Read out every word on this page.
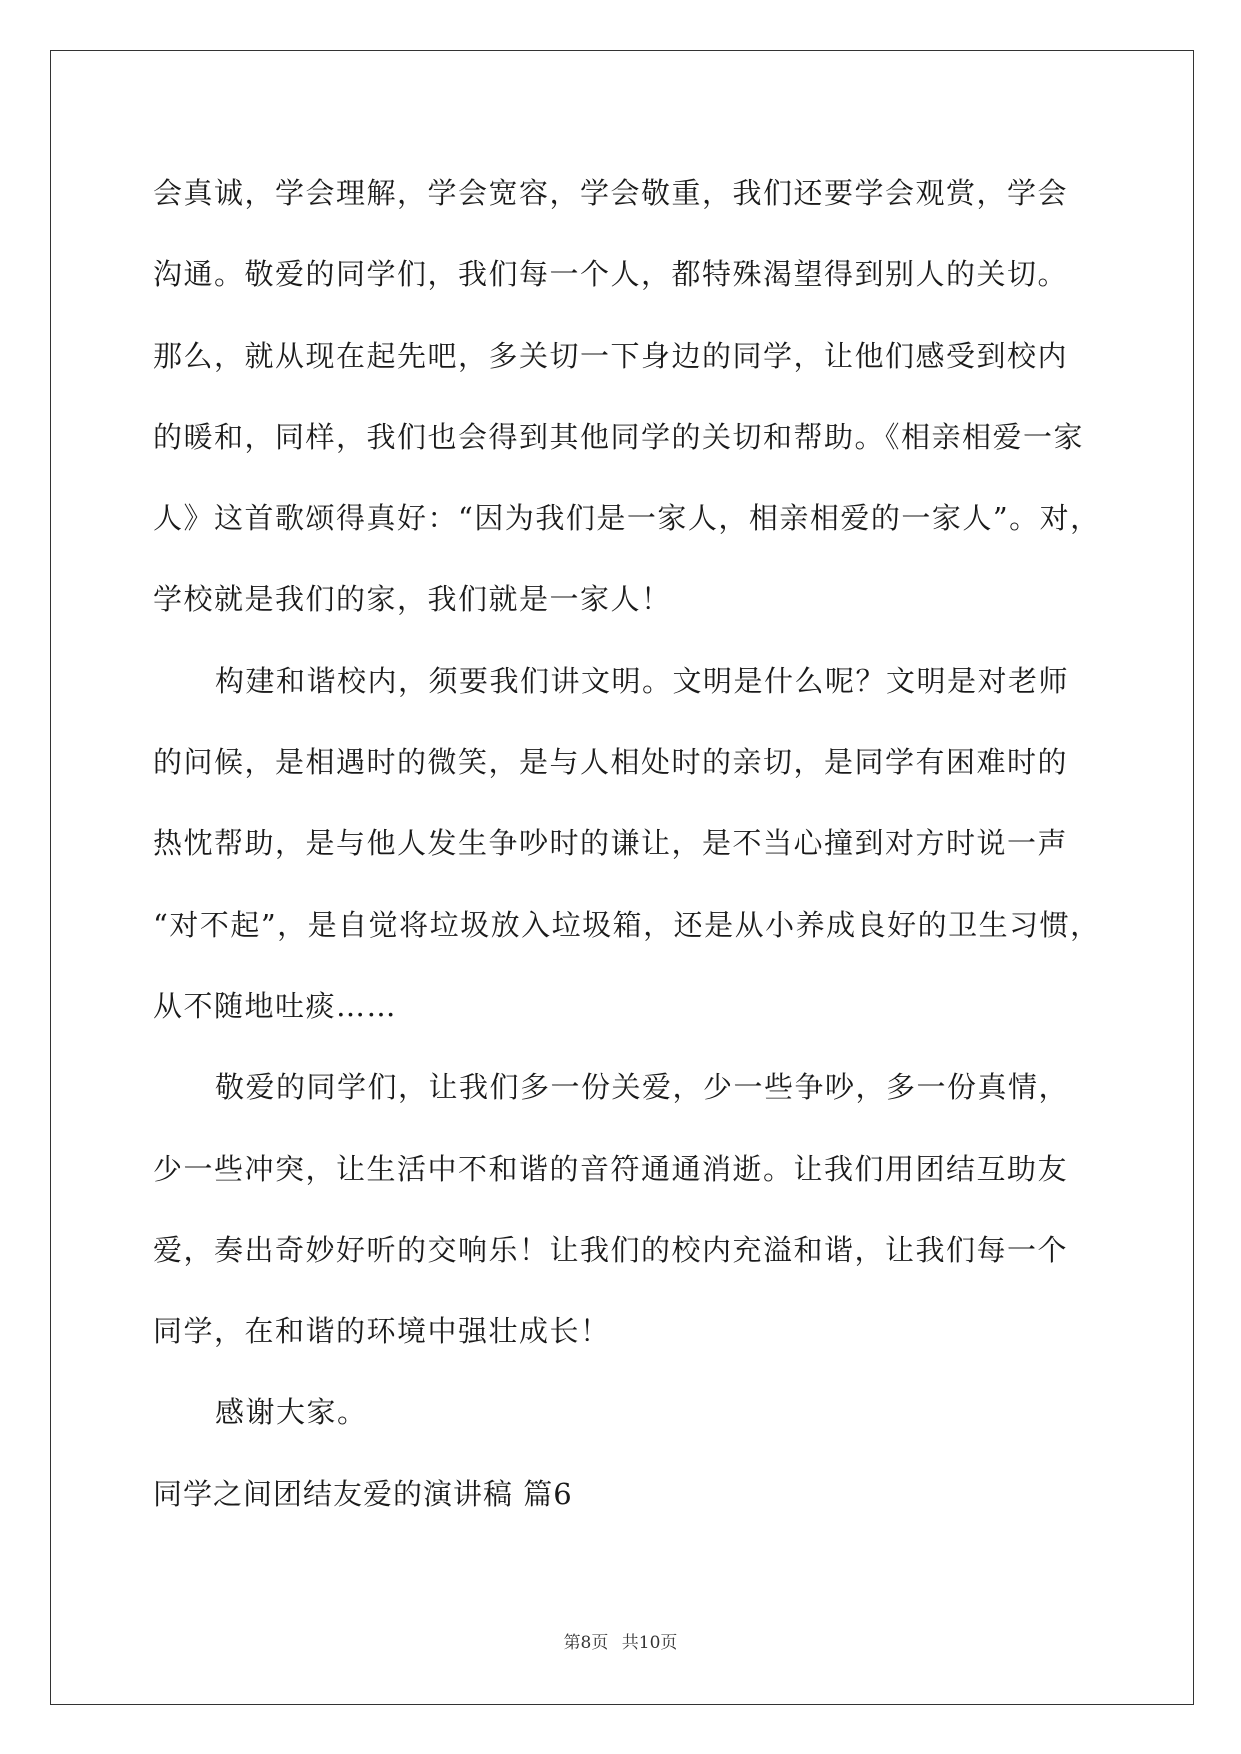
会真诚，学会理解，学会宽容，学会敬重，我们还要学会观赏，学会
沟通。敬爱的同学们，我们每一个人，都特殊渴望得到别人的关切。
那么，就从现在起先吧，多关切一下身边的同学，让他们感受到校内
的暖和，同样，我们也会得到其他同学的关切和帮助。《相亲相爱一家
人》这首歌颂得真好：“因为我们是一家人，相亲相爱的一家人”。对，
学校就是我们的家，我们就是一家人！
构建和谐校内，须要我们讲文明。文明是什么呢？文明是对老师
的问候，是相遇时的微笑，是与人相处时的亲切，是同学有困难时的
热忱帮助，是与他人发生争吵时的谦让，是不当心撞到对方时说一声
“对不起”，是自觉将垃圾放入垃圾箱，还是从小养成良好的卫生习惯，
从不随地吐痰……
敬爱的同学们，让我们多一份关爱，少一些争吵，多一份真情，
少一些冲突，让生活中不和谐的音符通通消逝。让我们用团结互助友
爱，奏出奇妙好听的交响乐！让我们的校内充溢和谐，让我们每一个
同学，在和谐的环境中强壮成长！
感谢大家。
同学之间团结友爱的演讲稿 篇6
第8页 共10页
